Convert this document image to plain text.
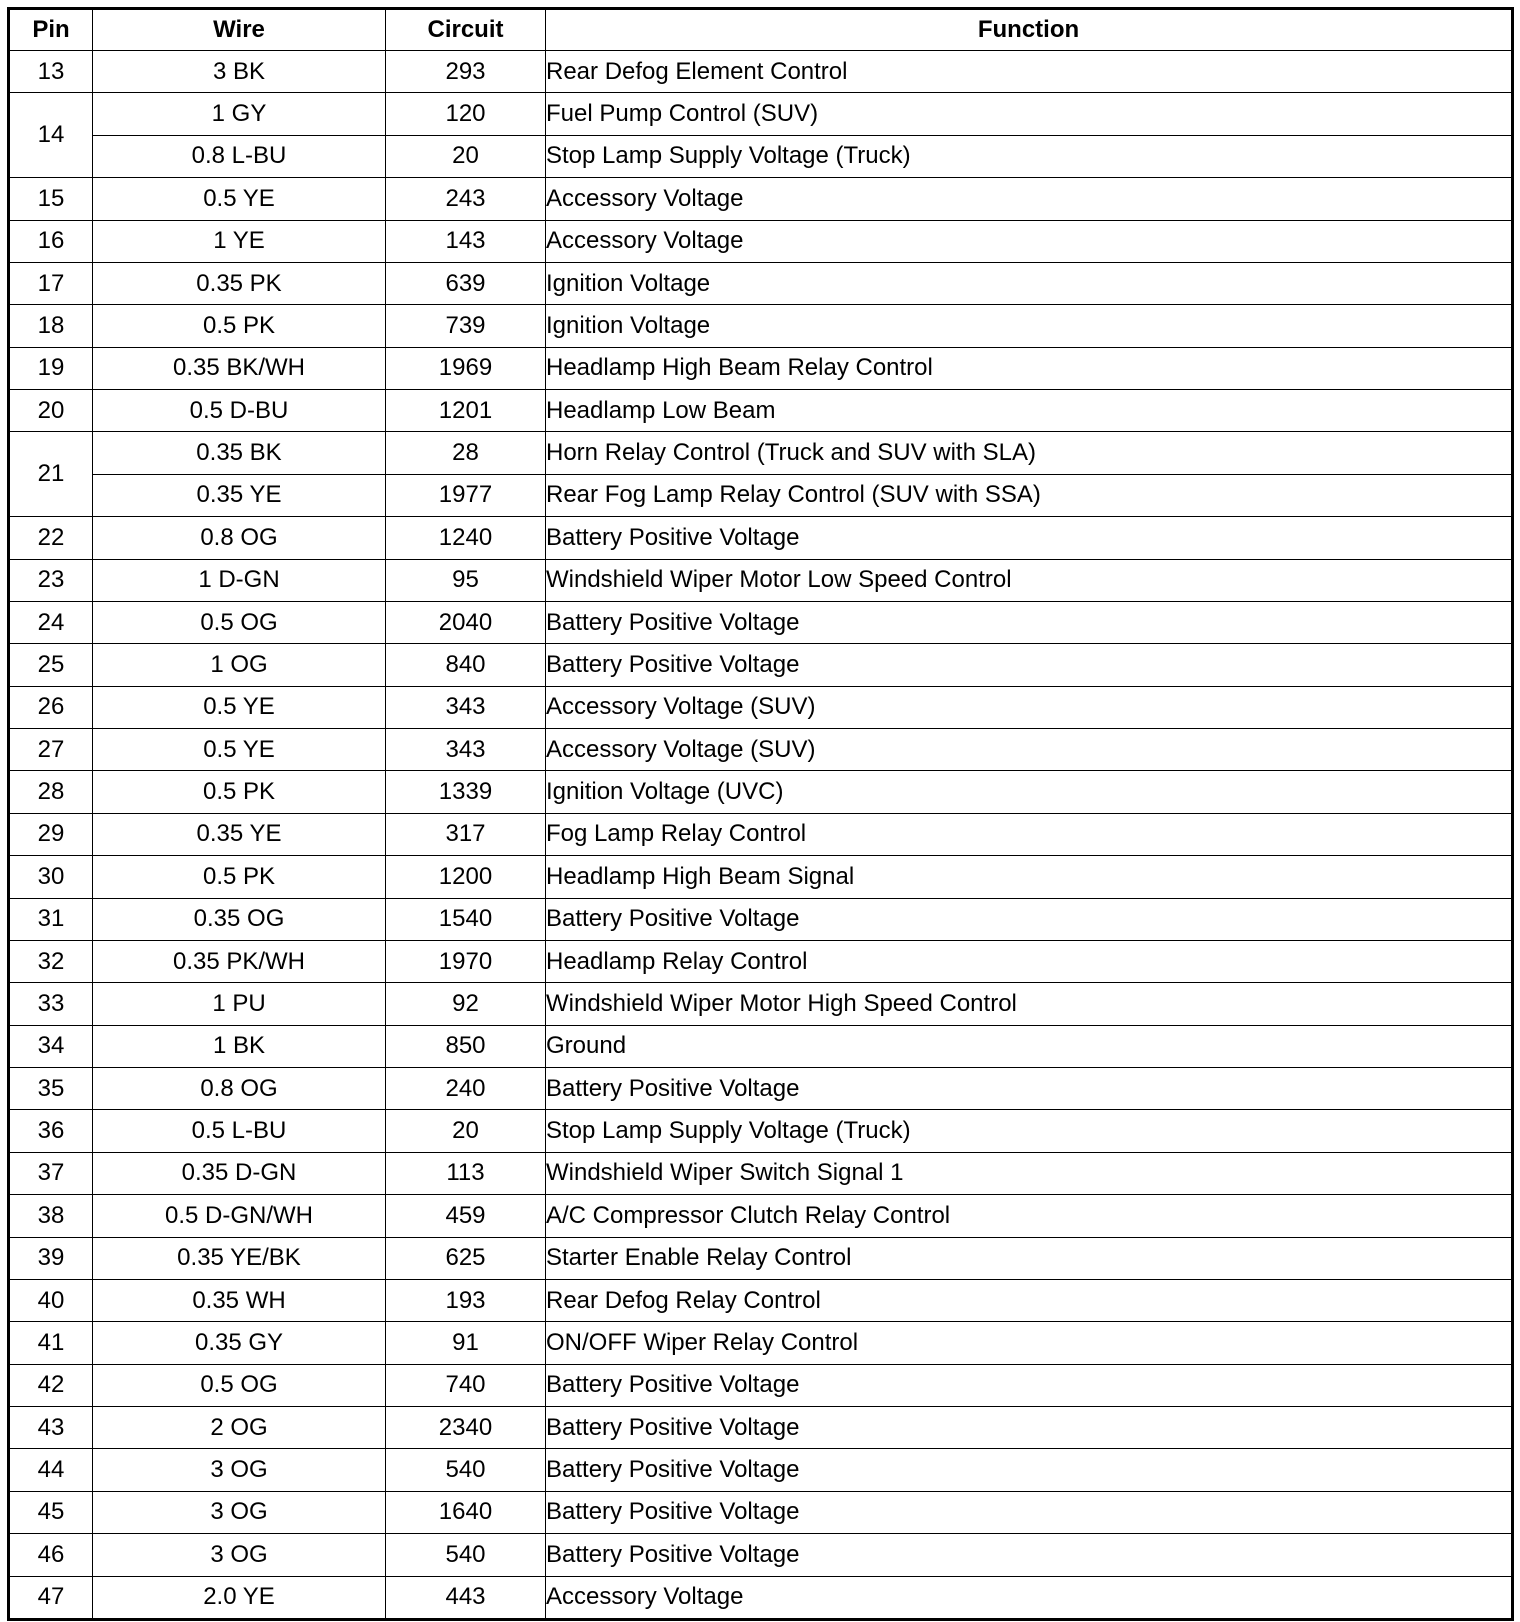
Pin	Wire	Circuit	Function
13	3 BK	293	Rear Defog Element Control
14	1 GY	120	Fuel Pump Control (SUV)
	0.8 L-BU	20	Stop Lamp Supply Voltage (Truck)
15	0.5 YE	243	Accessory Voltage
16	1 YE	143	Accessory Voltage
17	0.35 PK	639	Ignition Voltage
18	0.5 PK	739	Ignition Voltage
19	0.35 BK/WH	1969	Headlamp High Beam Relay Control
20	0.5 D-BU	1201	Headlamp Low Beam
21	0.35 BK	28	Horn Relay Control (Truck and SUV with SLA)
	0.35 YE	1977	Rear Fog Lamp Relay Control (SUV with SSA)
22	0.8 OG	1240	Battery Positive Voltage
23	1 D-GN	95	Windshield Wiper Motor Low Speed Control
24	0.5 OG	2040	Battery Positive Voltage
25	1 OG	840	Battery Positive Voltage
26	0.5 YE	343	Accessory Voltage (SUV)
27	0.5 YE	343	Accessory Voltage (SUV)
28	0.5 PK	1339	Ignition Voltage (UVC)
29	0.35 YE	317	Fog Lamp Relay Control
30	0.5 PK	1200	Headlamp High Beam Signal
31	0.35 OG	1540	Battery Positive Voltage
32	0.35 PK/WH	1970	Headlamp Relay Control
33	1 PU	92	Windshield Wiper Motor High Speed Control
34	1 BK	850	Ground
35	0.8 OG	240	Battery Positive Voltage
36	0.5 L-BU	20	Stop Lamp Supply Voltage (Truck)
37	0.35 D-GN	113	Windshield Wiper Switch Signal 1
38	0.5 D-GN/WH	459	A/C Compressor Clutch Relay Control
39	0.35 YE/BK	625	Starter Enable Relay Control
40	0.35 WH	193	Rear Defog Relay Control
41	0.35 GY	91	ON/OFF Wiper Relay Control
42	0.5 OG	740	Battery Positive Voltage
43	2 OG	2340	Battery Positive Voltage
44	3 OG	540	Battery Positive Voltage
45	3 OG	1640	Battery Positive Voltage
46	3 OG	540	Battery Positive Voltage
47	2.0 YE	443	Accessory Voltage
